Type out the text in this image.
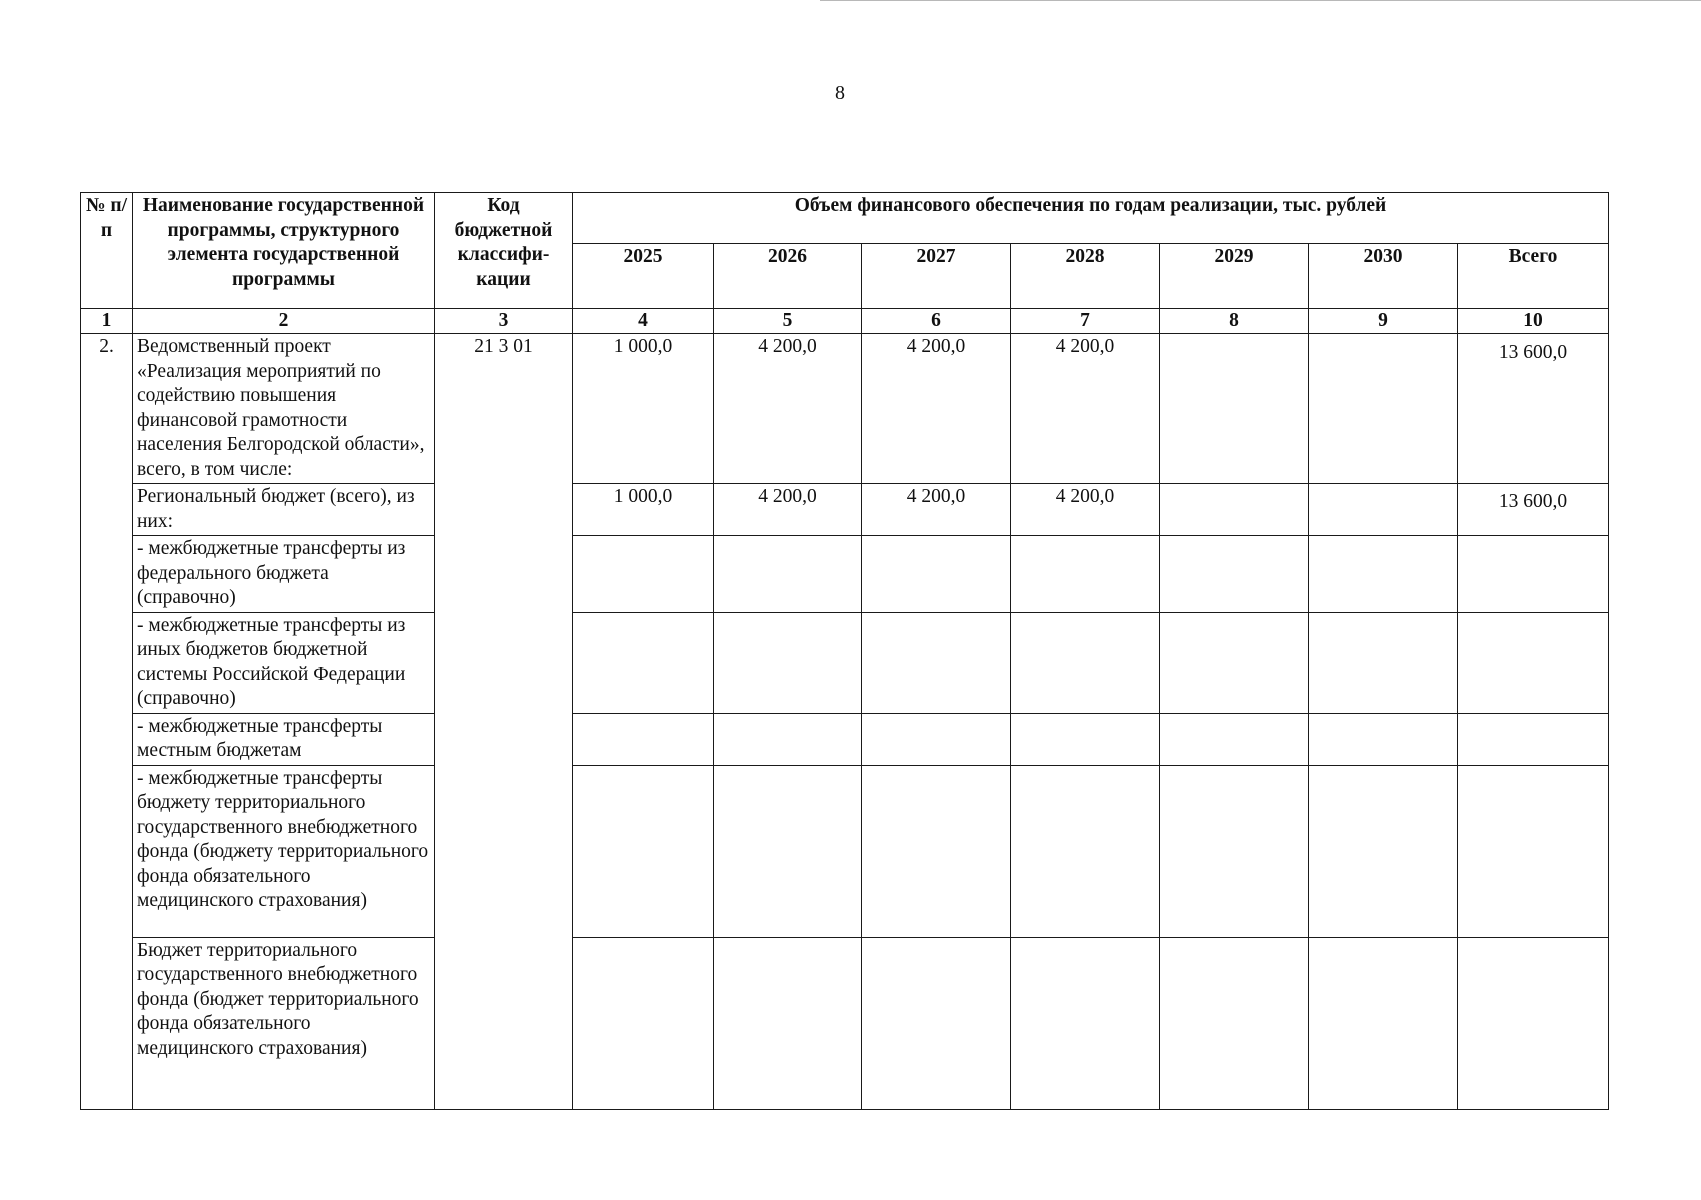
8
№ п/п	Наименование государственной программы, структурного элемента государственной программы	Код бюджетной классифи-кации	Объем финансового обеспечения по годам реализации, тыс. рублей						
			2025	2026	2027	2028	2029	2030	Всего
1	2	3	4	5	6	7	8	9	10
2.	Ведомственный проект «Реализация мероприятий по содействию повышения финансовой грамотности населения Белгородской области», всего, в том числе:	21 3 01	1 000,0	4 200,0	4 200,0	4 200,0			13 600,0
	Региональный бюджет (всего), из них:		1 000,0	4 200,0	4 200,0	4 200,0			13 600,0
	- межбюджетные трансферты из федерального бюджета (справочно)								
	- межбюджетные трансферты из иных бюджетов бюджетной системы Российской Федерации (справочно)								
	- межбюджетные трансферты местным бюджетам								
	- межбюджетные трансферты бюджету территориального государственного внебюджетного фонда (бюджету территориального фонда обязательного медицинского страхования)								
	Бюджет территориального государственного внебюджетного фонда (бюджет территориального фонда обязательного медицинского страхования)								
